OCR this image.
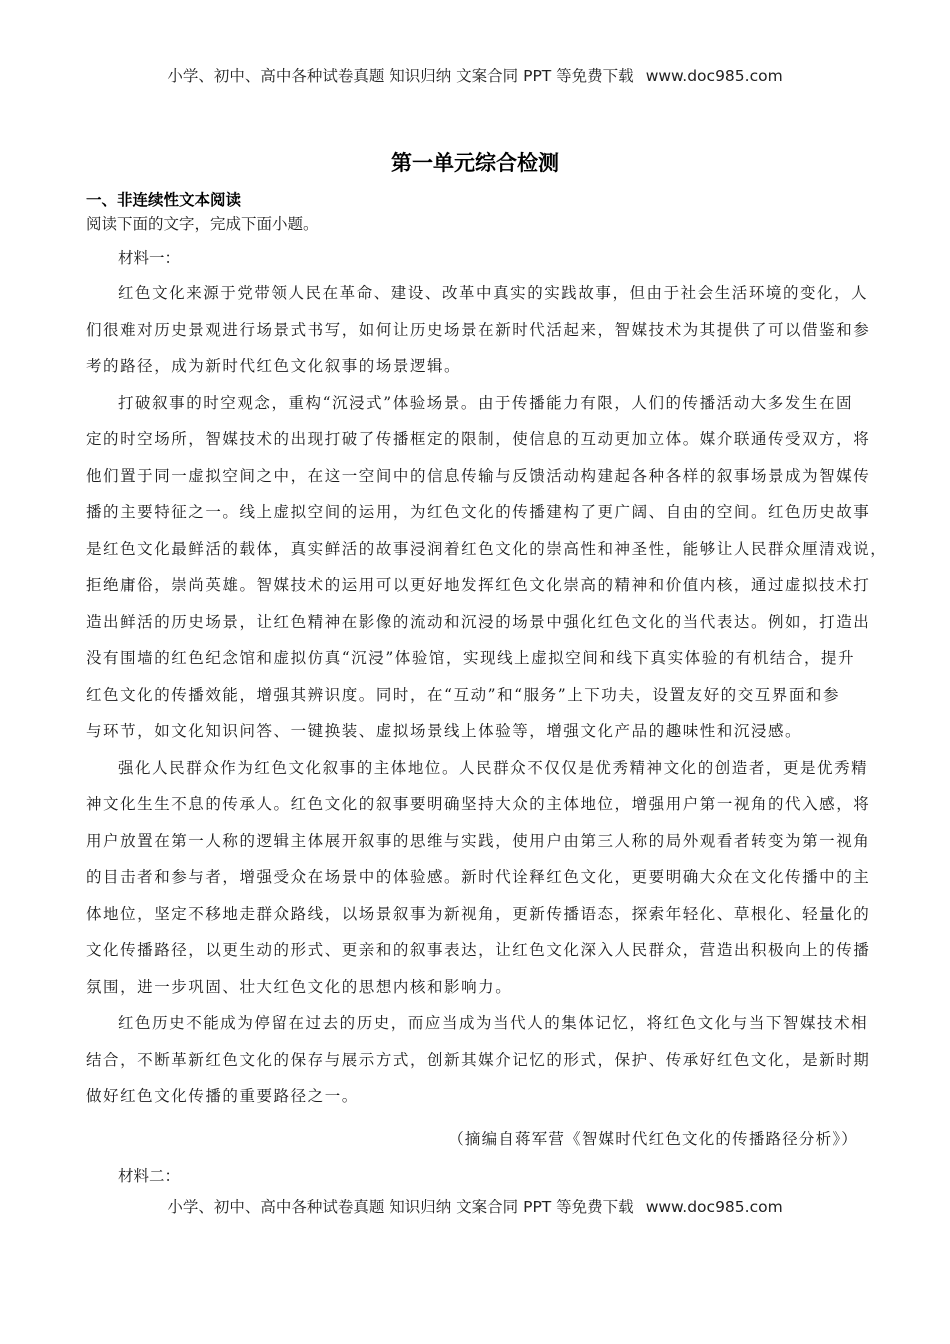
小学、初中、高中各种试卷真题 知识归纳 文案合同 PPT 等免费下载 www.doc985.com
第一单元综合检测
一、非连续性文本阅读
阅读下面的文字，完成下面小题。
材料一：
红色文化来源于党带领人民在革命、建设、改革中真实的实践故事，但由于社会生活环境的变化，人
们很难对历史景观进行场景式书写，如何让历史场景在新时代活起来，智媒技术为其提供了可以借鉴和参
考的路径，成为新时代红色文化叙事的场景逻辑。
打破叙事的时空观念，重构“沉浸式”体验场景。由于传播能力有限，人们的传播活动大多发生在固
定的时空场所，智媒技术的出现打破了传播框定的限制，使信息的互动更加立体。媒介联通传受双方，将
他们置于同一虚拟空间之中，在这一空间中的信息传输与反馈活动构建起各种各样的叙事场景成为智媒传
播的主要特征之一。线上虚拟空间的运用，为红色文化的传播建构了更广阔、自由的空间。红色历史故事
是红色文化最鲜活的载体，真实鲜活的故事浸润着红色文化的崇高性和神圣性，能够让人民群众厘清戏说，
拒绝庸俗，崇尚英雄。智媒技术的运用可以更好地发挥红色文化崇高的精神和价值内核，通过虚拟技术打
造出鲜活的历史场景，让红色精神在影像的流动和沉浸的场景中强化红色文化的当代表达。例如，打造出
没有围墙的红色纪念馆和虚拟仿真“沉浸”体验馆，实现线上虚拟空间和线下真实体验的有机结合，提升
红色文化的传播效能，增强其辨识度。同时，在“互动”和“服务”上下功夫，设置友好的交互界面和参
与环节，如文化知识问答、一键换装、虚拟场景线上体验等，增强文化产品的趣味性和沉浸感。
强化人民群众作为红色文化叙事的主体地位。人民群众不仅仅是优秀精神文化的创造者，更是优秀精
神文化生生不息的传承人。红色文化的叙事要明确坚持大众的主体地位，增强用户第一视角的代入感，将
用户放置在第一人称的逻辑主体展开叙事的思维与实践，使用户由第三人称的局外观看者转变为第一视角
的目击者和参与者，增强受众在场景中的体验感。新时代诠释红色文化，更要明确大众在文化传播中的主
体地位，坚定不移地走群众路线，以场景叙事为新视角，更新传播语态，探索年轻化、草根化、轻量化的
文化传播路径，以更生动的形式、更亲和的叙事表达，让红色文化深入人民群众，营造出积极向上的传播
氛围，进一步巩固、壮大红色文化的思想内核和影响力。
红色历史不能成为停留在过去的历史，而应当成为当代人的集体记忆，将红色文化与当下智媒技术相
结合，不断革新红色文化的保存与展示方式，创新其媒介记忆的形式，保护、传承好红色文化，是新时期
做好红色文化传播的重要路径之一。
（摘编自蒋军营《智媒时代红色文化的传播路径分析》）
材料二：
小学、初中、高中各种试卷真题 知识归纳 文案合同 PPT 等免费下载 www.doc985.com
